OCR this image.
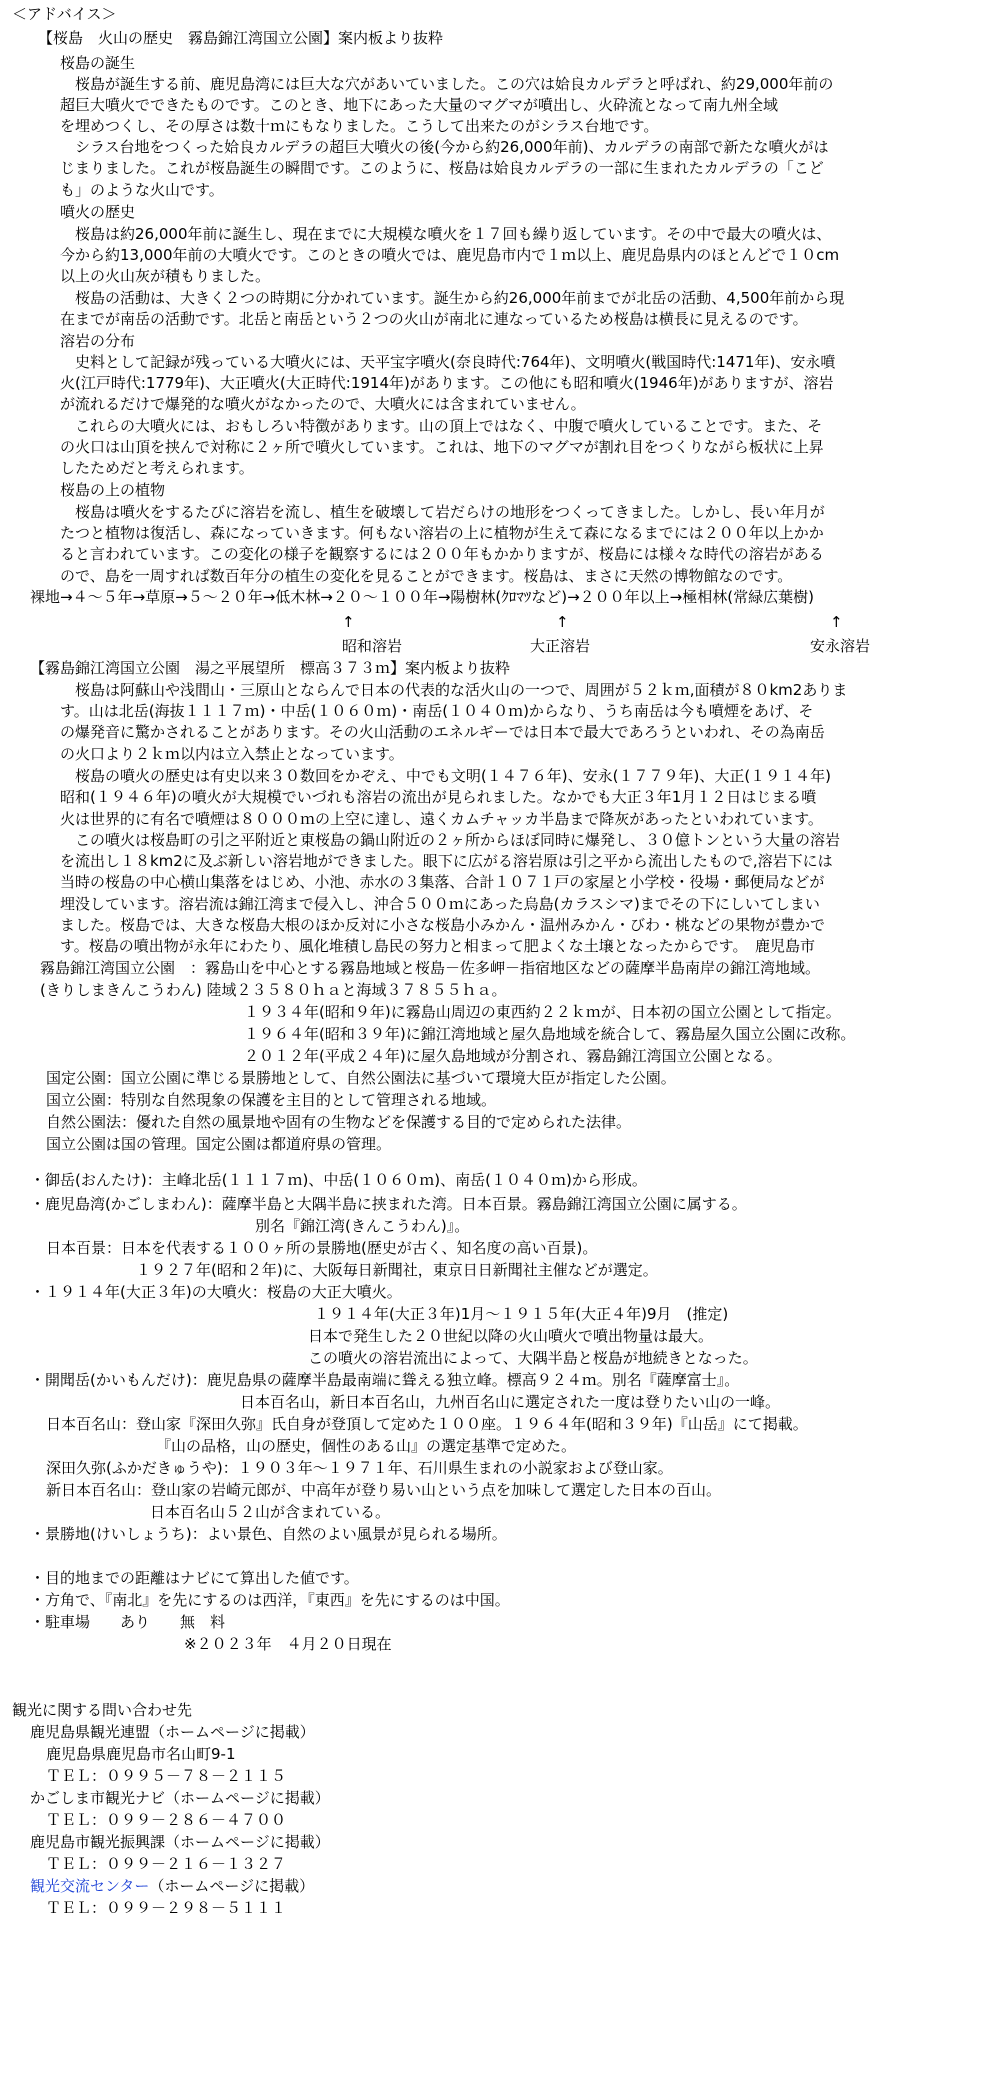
＜アドバイス＞
【桜島　火山の歴史　霧島錦江湾国立公園】案内板より抜粋
桜島の誕生
　桜島が誕生する前、鹿児島湾には巨大な穴があいていました。この穴は姶良カルデラと呼ばれ、約29,000年前の
超巨大噴火でできたものです。このとき、地下にあった大量のマグマが噴出し、火砕流となって南九州全域
を埋めつくし、その厚さは数十ｍにもなりました。こうして出来たのがシラス台地です。
　シラス台地をつくった姶良カルデラの超巨大噴火の後(今から約26,000年前)、カルデラの南部で新たな噴火がは
じまりました。これが桜島誕生の瞬間です。このように、桜島は姶良カルデラの一部に生まれたカルデラの「こど
も」のような火山です。
噴火の歴史
　桜島は約26,000年前に誕生し、現在までに大規模な噴火を１７回も繰り返しています。その中で最大の噴火は、
今から約13,000年前の大噴火です。このときの噴火では、鹿児島市内で１ｍ以上、鹿児島県内のほとんどで１０cm
以上の火山灰が積もりました。
　桜島の活動は、大きく２つの時期に分かれています。誕生から約26,000年前までが北岳の活動、4,500年前から現
在までが南岳の活動です。北岳と南岳という２つの火山が南北に連なっているため桜島は横長に見えるのです。
溶岩の分布
　史料として記録が残っている大噴火には、天平宝字噴火(奈良時代:764年)、文明噴火(戦国時代:1471年)、安永噴
火(江戸時代:1779年)、大正噴火(大正時代:1914年)があります。この他にも昭和噴火(1946年)がありますが、溶岩
が流れるだけで爆発的な噴火がなかったので、大噴火には含まれていません。
　これらの大噴火には、おもしろい特徴があります。山の頂上ではなく、中腹で噴火していることです。また、そ
の火口は山頂を挟んで対称に２ヶ所で噴火しています。これは、地下のマグマが割れ目をつくりながら板状に上昇
したためだと考えられます。
桜島の上の植物
　桜島は噴火をするたびに溶岩を流し、植生を破壊して岩だらけの地形をつくってきました。しかし、長い年月が
たつと植物は復活し、森になっていきます。何もない溶岩の上に植物が生えて森になるまでには２００年以上かか
ると言われています。この変化の様子を観察するには２００年もかかりますが、桜島には様々な時代の溶岩がある
ので、島を一周すれば数百年分の植生の変化を見ることができます。桜島は、まさに天然の博物館なのです。
裸地→４～５年→草原→５～２０年→低木林→２０～１００年→陽樹林(ｸﾛﾏﾂなど)→２００年以上→極相林(常緑広葉樹)
↑
昭和溶岩
【霧島錦江湾国立公園　湯之平展望所　標高３７３ｍ】案内板より抜粋
　桜島は阿蘇山や浅間山・三原山とならんで日本の代表的な活火山の一つで、周囲が５２ｋｍ,面積が８０km2ありま
す。山は北岳(海抜１１１７ｍ)・中岳(１０６０ｍ)・南岳(１０４０ｍ)からなり、うち南岳は今も噴煙をあげ、そ
の爆発音に驚かされることがあります。その火山活動のエネルギーでは日本で最大であろうといわれ、その為南岳
の火口より２ｋｍ以内は立入禁止となっています。
　桜島の噴火の歴史は有史以来３０数回をかぞえ、中でも文明(１４７６年)、安永(１７７９年)、大正(１９１４年)
昭和(１９４６年)の噴火が大規模でいづれも溶岩の流出が見られました。なかでも大正３年1月１２日はじまる噴
火は世界的に有名で噴煙は８０００ｍの上空に達し、遠くカムチャッカ半島まで降灰があったといわれています。
　この噴火は桜島町の引之平附近と東桜島の鍋山附近の２ヶ所からほぼ同時に爆発し、３０億トンという大量の溶岩
を流出し１８km2に及ぶ新しい溶岩地ができました。眼下に広がる溶岩原は引之平から流出したもので,溶岩下には
当時の桜島の中心横山集落をはじめ、小池、赤水の３集落、合計１０７１戸の家屋と小学校・役場・郵便局などが
埋没しています。溶岩流は錦江湾まで侵入し、沖合５００ｍにあった烏島(カラスシマ)までその下にしいてしまい
ました。桜島では、大きな桜島大根のほか反対に小さな桜島小みかん・温州みかん・びわ・桃などの果物が豊かで
す。桜島の噴出物が永年にわたり、風化堆積し島民の努力と相まって肥よくな土壌となったからです。　鹿児島市
霧島錦江湾国立公園　：霧島山を中心とする霧島地域と桜島－佐多岬－指宿地区などの薩摩半島南岸の錦江湾地域。
(きりしまきんこうわん) 陸域２３５８０ｈａと海域３７８５５ｈａ。
１９３４年(昭和９年)に霧島山周辺の東西約２２ｋｍが、日本初の国立公園として指定。
１９６４年(昭和３９年)に錦江湾地域と屋久島地域を統合して、霧島屋久国立公園に改称。
２０１２年(平成２４年)に屋久島地域が分割され、霧島錦江湾国立公園となる。
国定公園：国立公園に準じる景勝地として、自然公園法に基づいて環境大臣が指定した公園。
国立公園：特別な自然現象の保護を主目的として管理される地域。
自然公園法：優れた自然の風景地や固有の生物などを保護する目的で定められた法律。
国立公園は国の管理。国定公園は都道府県の管理。
・御岳(おんたけ)：主峰北岳(１１１７ｍ)、中岳(１０６０ｍ)、南岳(１０４０ｍ)から形成。
・鹿児島湾(かごしまわん)：薩摩半島と大隅半島に挟まれた湾。日本百景。霧島錦江湾国立公園に属する。
別名『錦江湾(きんこうわん)』。
日本百景：日本を代表する１００ヶ所の景勝地(歴史が古く、知名度の高い百景)。
１９２７年(昭和２年)に、大阪毎日新聞社，東京日日新聞社主催などが選定。
・１９１４年(大正３年)の大噴火：桜島の大正大噴火。
１９１４年(大正３年)1月～１９１５年(大正４年)9月　(推定)
日本で発生した２０世紀以降の火山噴火で噴出物量は最大。
この噴火の溶岩流出によって、大隅半島と桜島が地続きとなった。
・開聞岳(かいもんだけ)：鹿児島県の薩摩半島最南端に聳える独立峰。標高９２４ｍ。別名『薩摩富士』。
日本百名山，新日本百名山，九州百名山に選定された一度は登りたい山の一峰。
日本百名山：登山家『深田久弥』氏自身が登頂して定めた１００座。１９６４年(昭和３９年)『山岳』にて掲載。
『山の品格，山の歴史，個性のある山』の選定基準で定めた。
深田久弥(ふかだきゅうや)：１９０３年～１９７１年、石川県生まれの小説家および登山家。
新日本百名山：登山家の岩崎元郎が、中高年が登り易い山という点を加味して選定した日本の百山。
日本百名山５２山が含まれている。
・景勝地(けいしょうち)：よい景色、自然のよい風景が見られる場所。
・目的地までの距離はナビにて算出した値です。
・方角で、『南北』を先にするのは西洋，『東西』を先にするのは中国。
・駐車場　　あり　　無　料
※２０２３年　４月２０日現在
観光に関する問い合わせ先
鹿児島県観光連盟（ホームページに掲載）
鹿児島県鹿児島市名山町9-1
ＴＥＬ：０９９５－７８－２１１５
かごしま市観光ナビ（ホームページに掲載）
ＴＥＬ：０９９－２８６－４７００
鹿児島市観光振興課（ホームページに掲載）
ＴＥＬ：０９９－２１６－１３２７
観光交流センター（ホームページに掲載）
ＴＥＬ：０９９－２９８－５１１１
↑	↑
大正溶岩	安永溶岩
